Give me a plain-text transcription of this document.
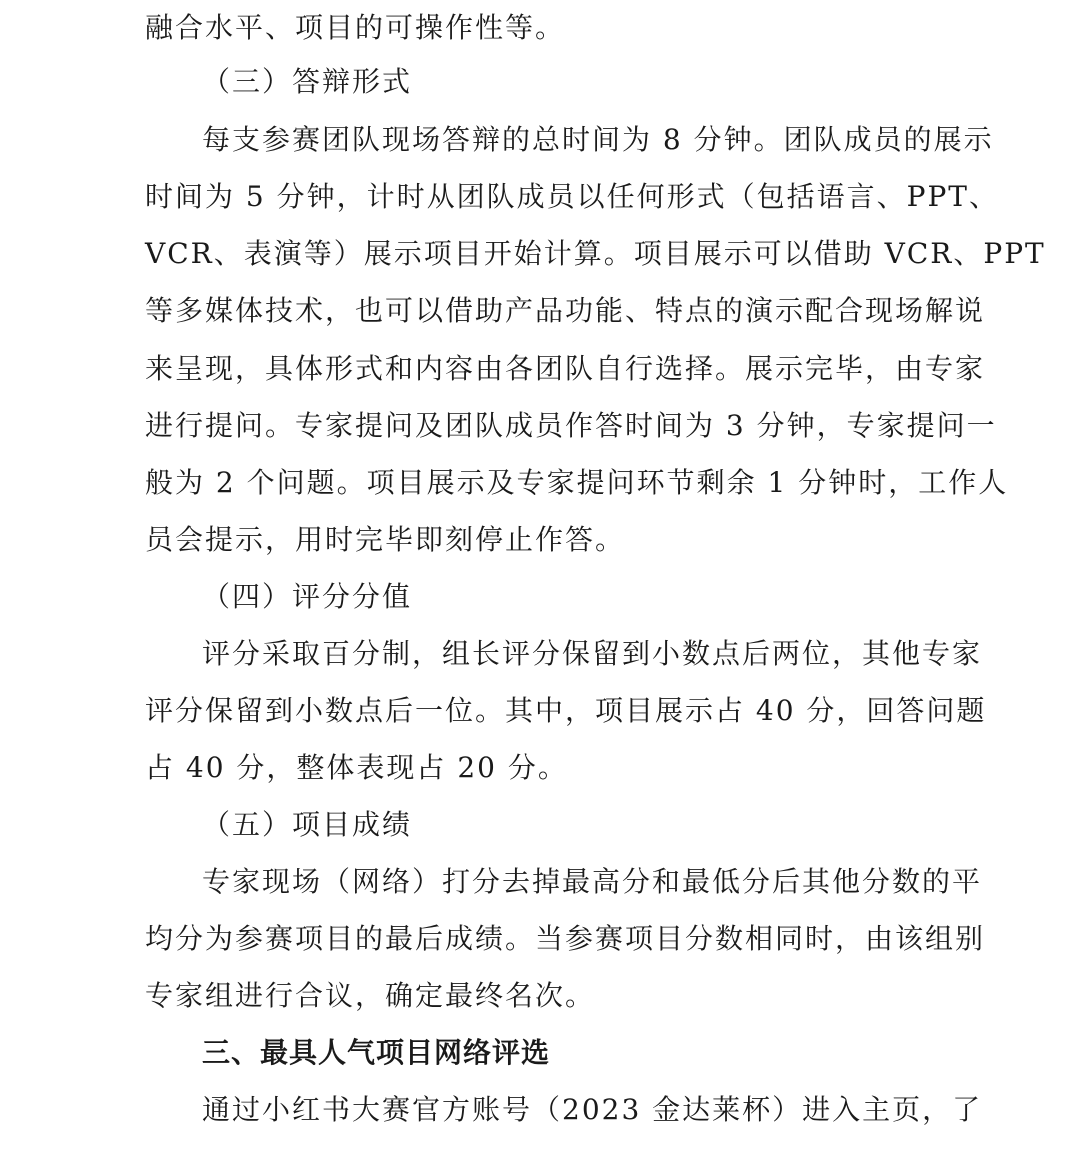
融合水平、项目的可操作性等。
（三）答辩形式
每支参赛团队现场答辩的总时间为 8 分钟。团队成员的展示
时间为 5 分钟，计时从团队成员以任何形式（包括语言、PPT、
VCR、表演等）展示项目开始计算。项目展示可以借助 VCR、PPT
等多媒体技术，也可以借助产品功能、特点的演示配合现场解说
来呈现，具体形式和内容由各团队自行选择。展示完毕，由专家
进行提问。专家提问及团队成员作答时间为 3 分钟，专家提问一
般为 2 个问题。项目展示及专家提问环节剩余 1 分钟时，工作人
员会提示，用时完毕即刻停止作答。
（四）评分分值
评分采取百分制，组长评分保留到小数点后两位，其他专家
评分保留到小数点后一位。其中，项目展示占 40 分，回答问题
占 40 分，整体表现占 20 分。
（五）项目成绩
专家现场（网络）打分去掉最高分和最低分后其他分数的平
均分为参赛项目的最后成绩。当参赛项目分数相同时，由该组别
专家组进行合议，确定最终名次。
三、最具人气项目网络评选
通过小红书大赛官方账号（2023 金达莱杯）进入主页，了
